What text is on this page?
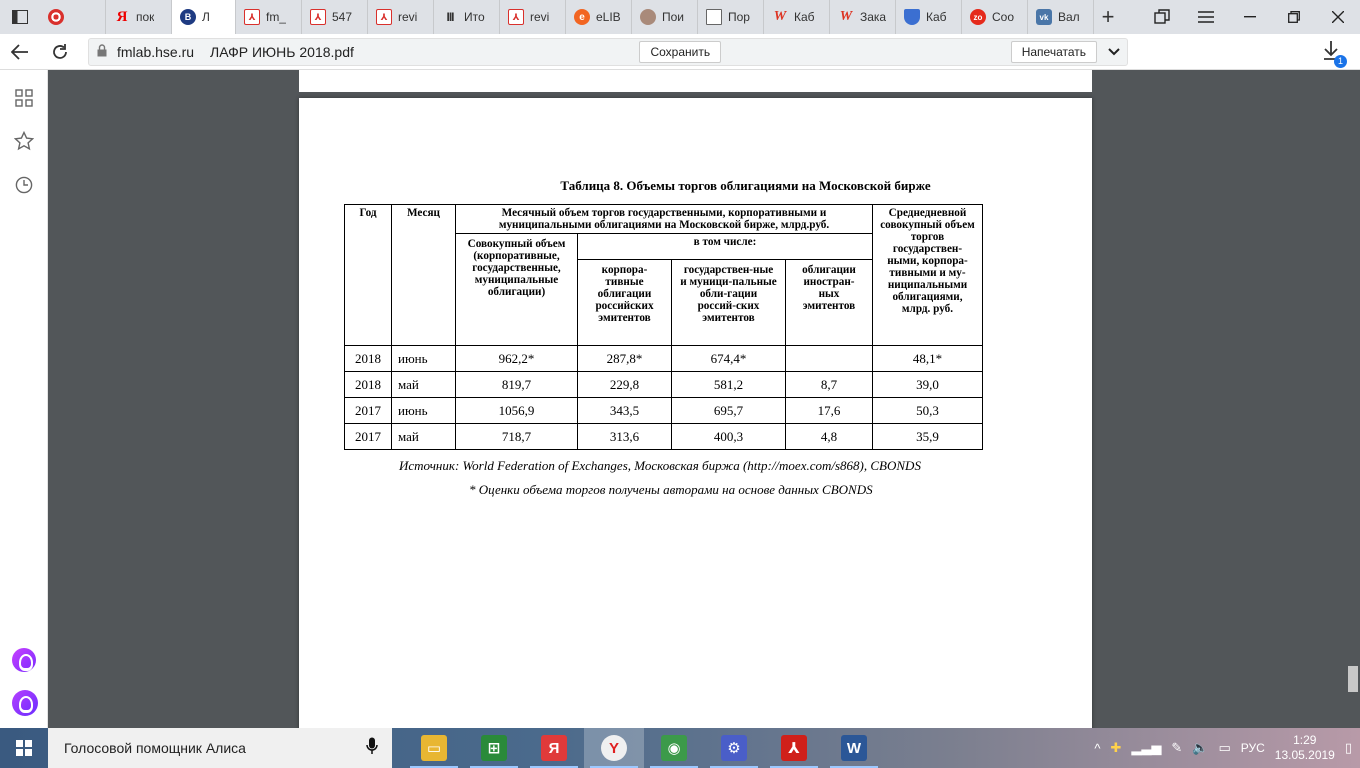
Я пок	В Л	⅄ fm_	⅄ 547	⅄ revi	III Ито	⅄ revi	e eLIB	Пои	Пор W Каб W Зака	Каб	zo Coo	vk Вал +
fmlab.hse.ru ЛАФР ИЮНЬ 2018.pdf	Сохранить	Напечатать
1
Таблица 8. Объемы торгов облигациями на Московской бирже
Год	Месяц	Месячный объем торгов государственными, корпоративными и муниципальными облигациями на Московской бирже, млрд.руб.				Среднедневной совокупный объем торгов государствен-ными, корпора-тивными и му-ниципальными облигациями, млрд. руб.
		Совокупный объем (корпоративные, государственные, муниципальные облигации)	в том числе:			
			корпора-тивные облигации российских эмитентов	государствен-ные и муници-пальные обли-гации россий-ских эмитентов	облигации иностран-ных эмитентов	
2018	июнь	962,2*	287,8*	674,4*		48,1*
2018	май	819,7	229,8	581,2	8,7	39,0
2017	июнь	1056,9	343,5	695,7	17,6	50,3
2017	май	718,7	313,6	400,3	4,8	35,9
Источник: World Federation of Exchanges, Московская биржа (http://moex.com/s868), CBONDS
* Оценки объема торгов получены авторами на основе данных CBONDS
Голосовой помощник Алиса	▭	⊞	Я	Y	◉	⚙	⅄	W	^ ✚ ▂▃▅ ✎ 🔈 ▭ РУС
1:29
13.05.2019 ▯
